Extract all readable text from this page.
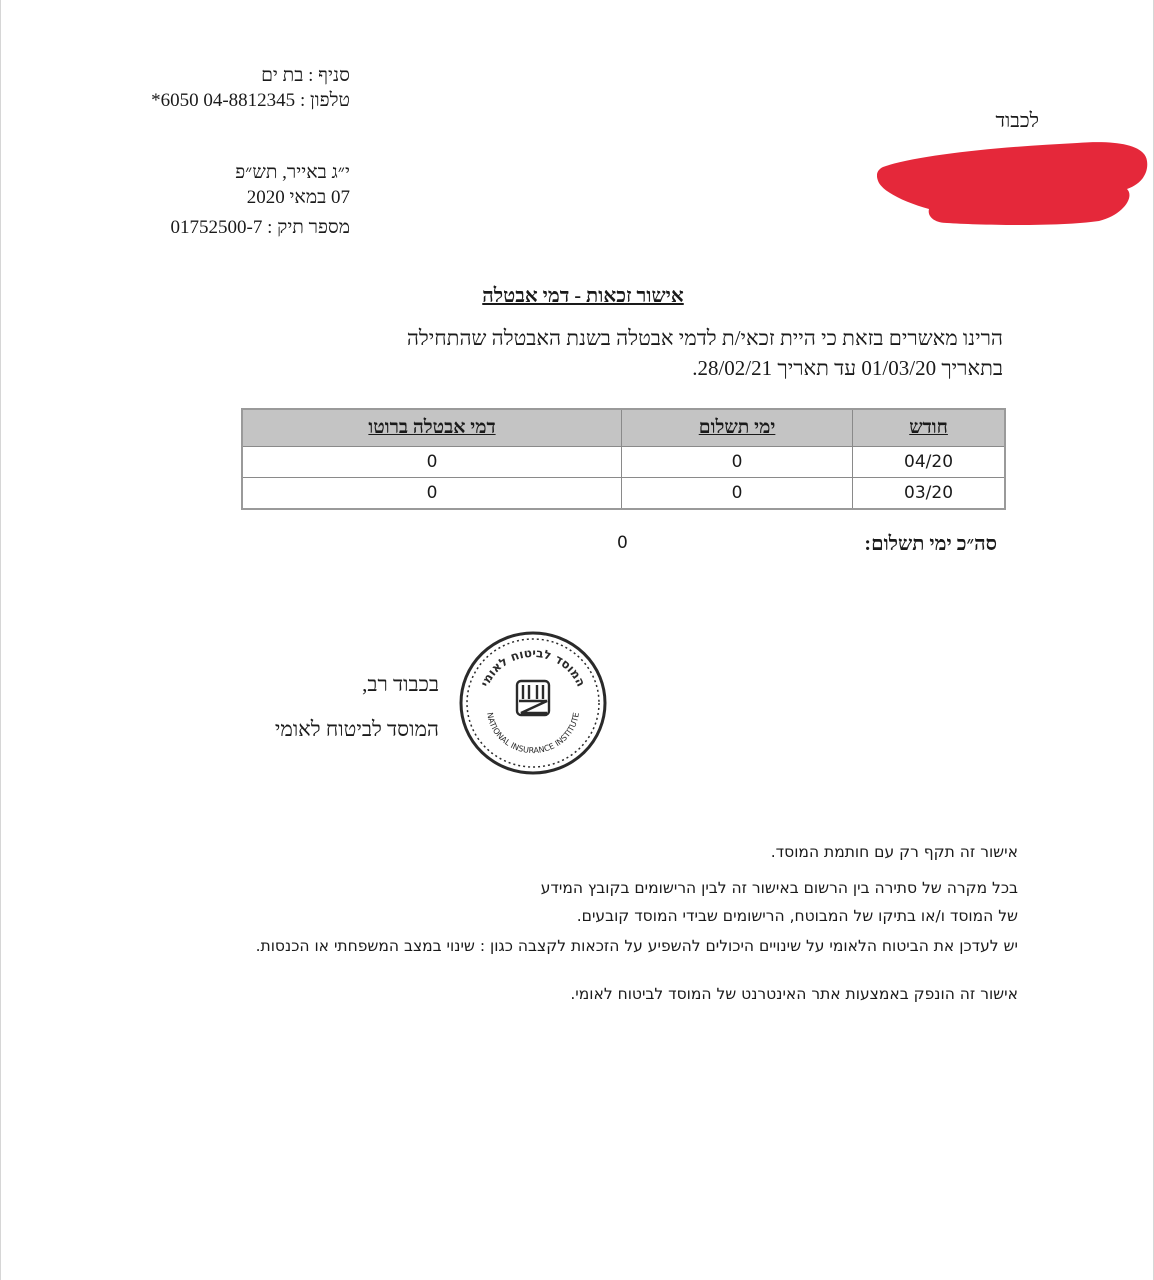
סניף : בת ים
טלפון : 04-8812345 6050*
י״ג באייר, תש״פ
07 במאי 2020
מספר תיק : 01752500-7
לכבוד
אישור זכאות - דמי אבטלה
הרינו מאשרים בזאת כי היית זכאי/ת לדמי אבטלה בשנת האבטלה שהתחילה
בתאריך 01/03/20 עד תאריך 28/02/21.
חודש	ימי תשלום	דמי אבטלה ברוטו
04/20	0	0
03/20	0	0
סה״כ ימי תשלום:
0
בכבוד רב,
המוסד לביטוח לאומי
המוסד לביטוח לאומי
NATIONAL INSURANCE INSTITUTE
אישור זה תקף רק עם חותמת המוסד.
בכל מקרה של סתירה בין הרשום באישור זה לבין הרישומים בקובץ המידע
של המוסד ו/או בתיקו של המבוטח, הרישומים שבידי המוסד קובעים.
יש לעדכן את הביטוח הלאומי על שינויים היכולים להשפיע על הזכאות לקצבה כגון : שינוי במצב המשפחתי או הכנסות.
אישור זה הונפק באמצעות אתר האינטרנט של המוסד לביטוח לאומי.
